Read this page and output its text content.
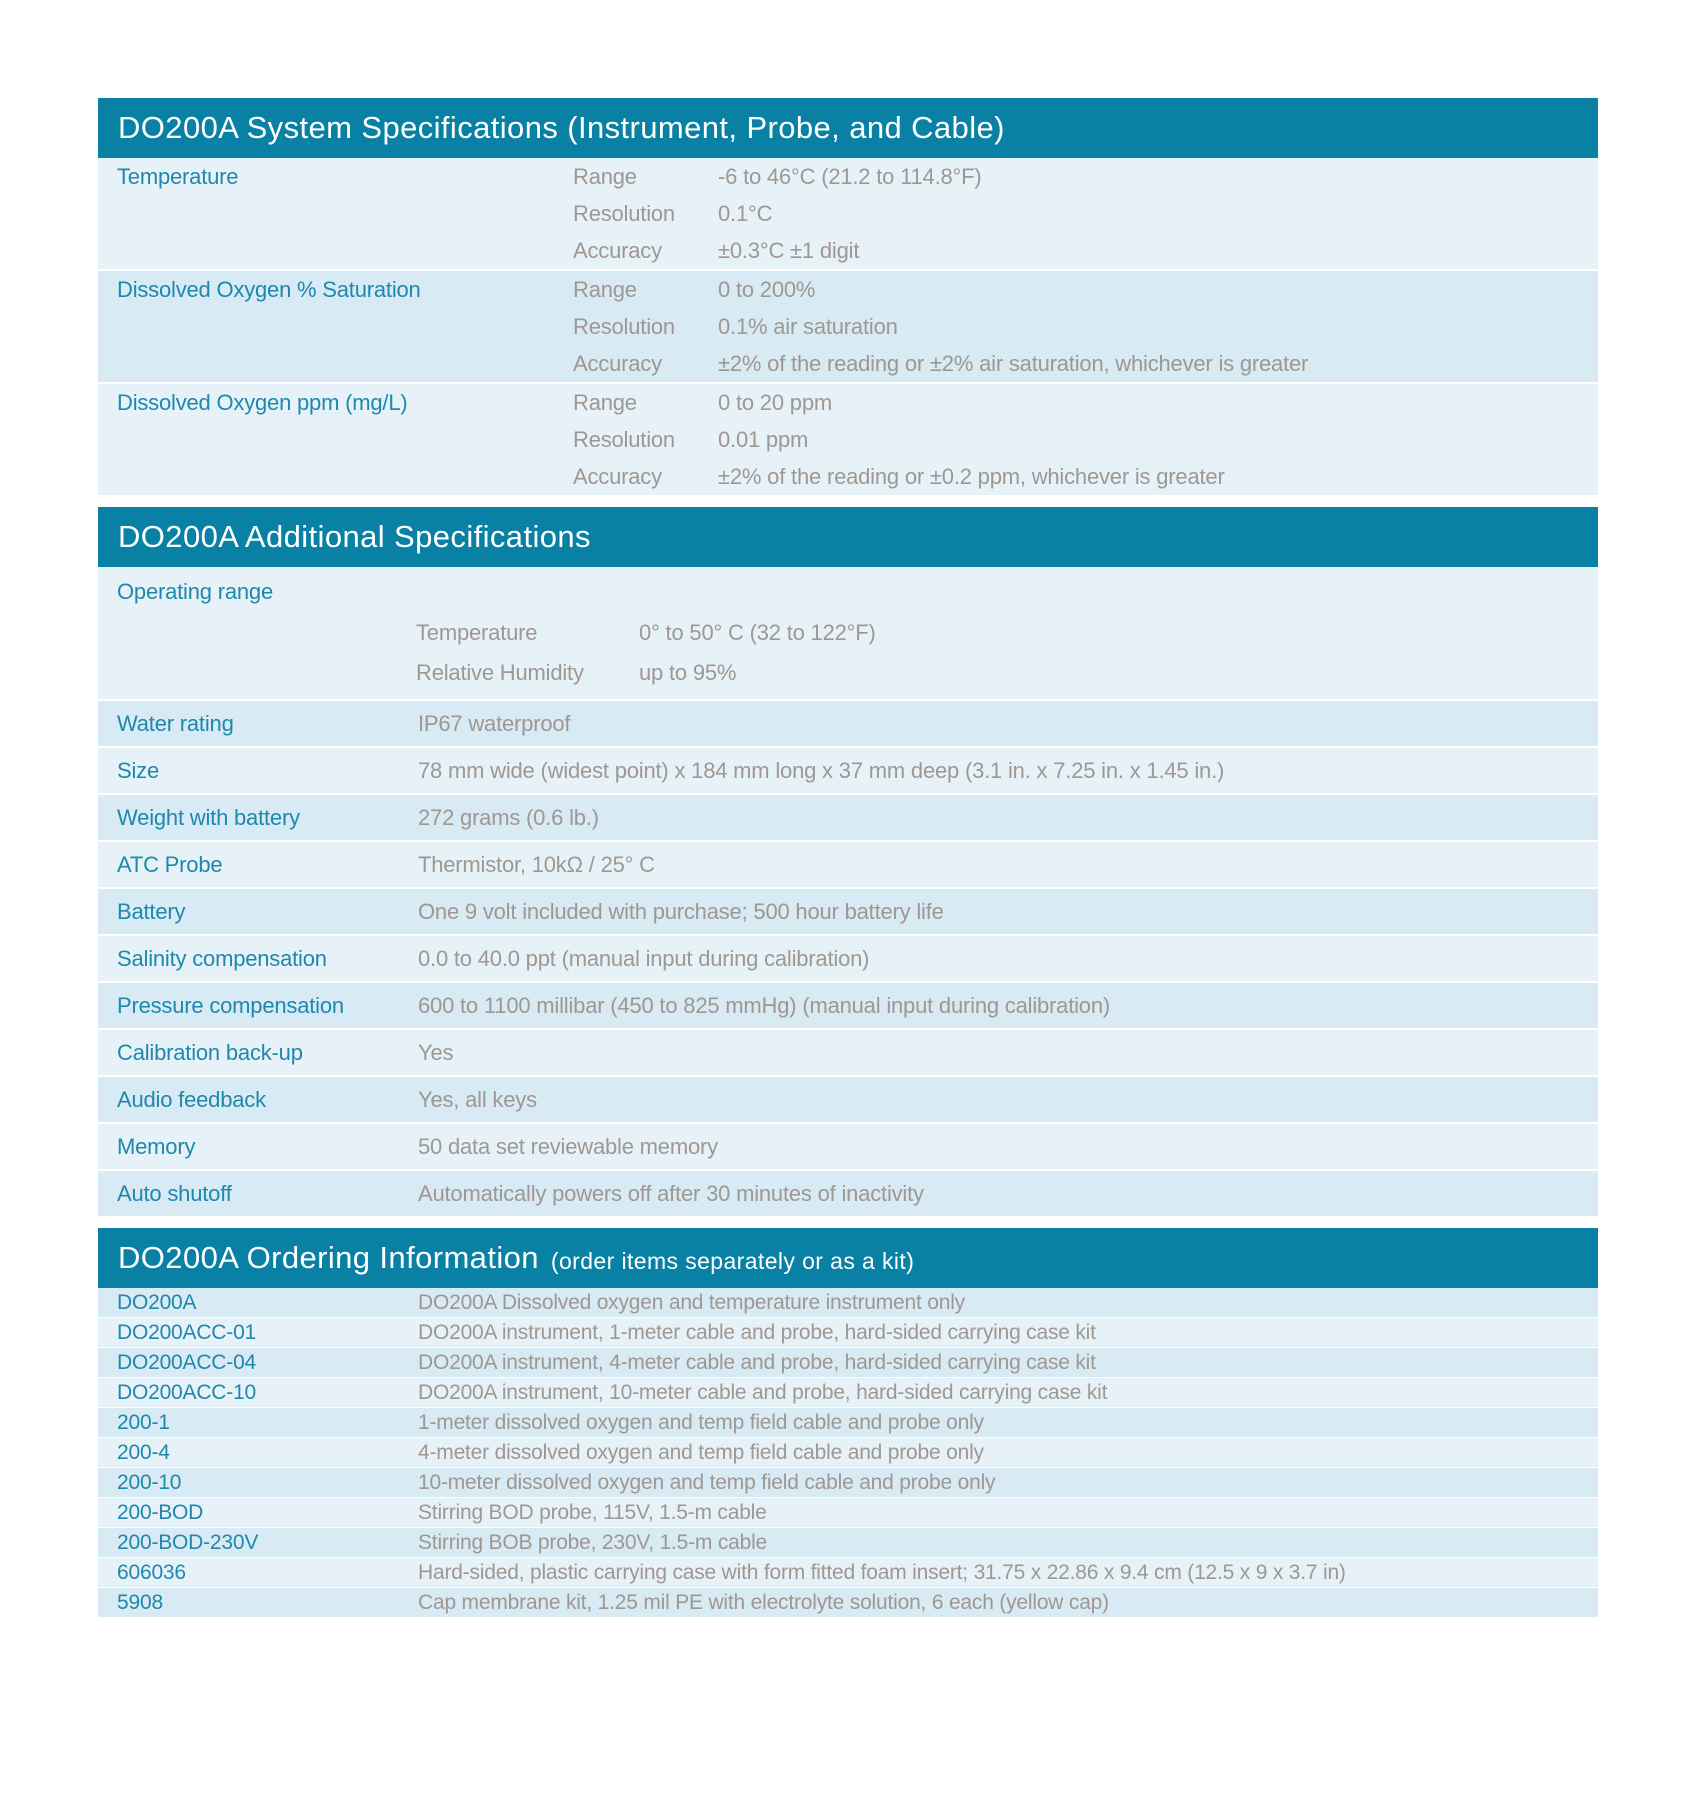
DO200A System Specifications (Instrument, Probe, and Cable)
Temperature	Range	-6 to 46°C (21.2 to 114.8°F)
Resolution	0.1°C
Accuracy	±0.3°C ±1 digit
Dissolved Oxygen % Saturation	Range	0 to 200%
Resolution	0.1% air saturation
Accuracy	±2% of the reading or ±2% air saturation, whichever is greater
Dissolved Oxygen ppm (mg/L)	Range	0 to 20 ppm
Resolution	0.01 ppm
Accuracy	±2% of the reading or ±0.2 ppm, whichever is greater
DO200A Additional Specifications
Operating range
Temperature	0° to 50° C (32 to 122°F)
Relative Humidity	up to 95%
Water rating	IP67 waterproof
Size	78 mm wide (widest point) x 184 mm long x 37 mm deep (3.1 in. x 7.25 in. x 1.45 in.)
Weight with battery	272 grams (0.6 lb.)
ATC Probe	Thermistor, 10kΩ / 25° C
Battery	One 9 volt included with purchase; 500 hour battery life
Salinity compensation	0.0 to 40.0 ppt (manual input during calibration)
Pressure compensation	600 to 1100 millibar (450 to 825 mmHg) (manual input during calibration)
Calibration back-up	Yes
Audio feedback	Yes, all keys
Memory	50 data set reviewable memory
Auto shutoff	Automatically powers off after 30 minutes of inactivity
DO200A Ordering Information (order items separately or as a kit)
DO200A	DO200A Dissolved oxygen and temperature instrument only
DO200ACC-01	DO200A instrument, 1-meter cable and probe, hard-sided carrying case kit
DO200ACC-04	DO200A instrument, 4-meter cable and probe, hard-sided carrying case kit
DO200ACC-10	DO200A instrument, 10-meter cable and probe, hard-sided carrying case kit
200-1	1-meter dissolved oxygen and temp field cable and probe only
200-4	4-meter dissolved oxygen and temp field cable and probe only
200-10	10-meter dissolved oxygen and temp field cable and probe only
200-BOD	Stirring BOD probe, 115V, 1.5-m cable
200-BOD-230V	Stirring BOB probe, 230V, 1.5-m cable
606036	Hard-sided, plastic carrying case with form fitted foam insert; 31.75 x 22.86 x 9.4 cm (12.5 x 9 x 3.7 in)
5908	Cap membrane kit, 1.25 mil PE with electrolyte solution, 6 each (yellow cap)
